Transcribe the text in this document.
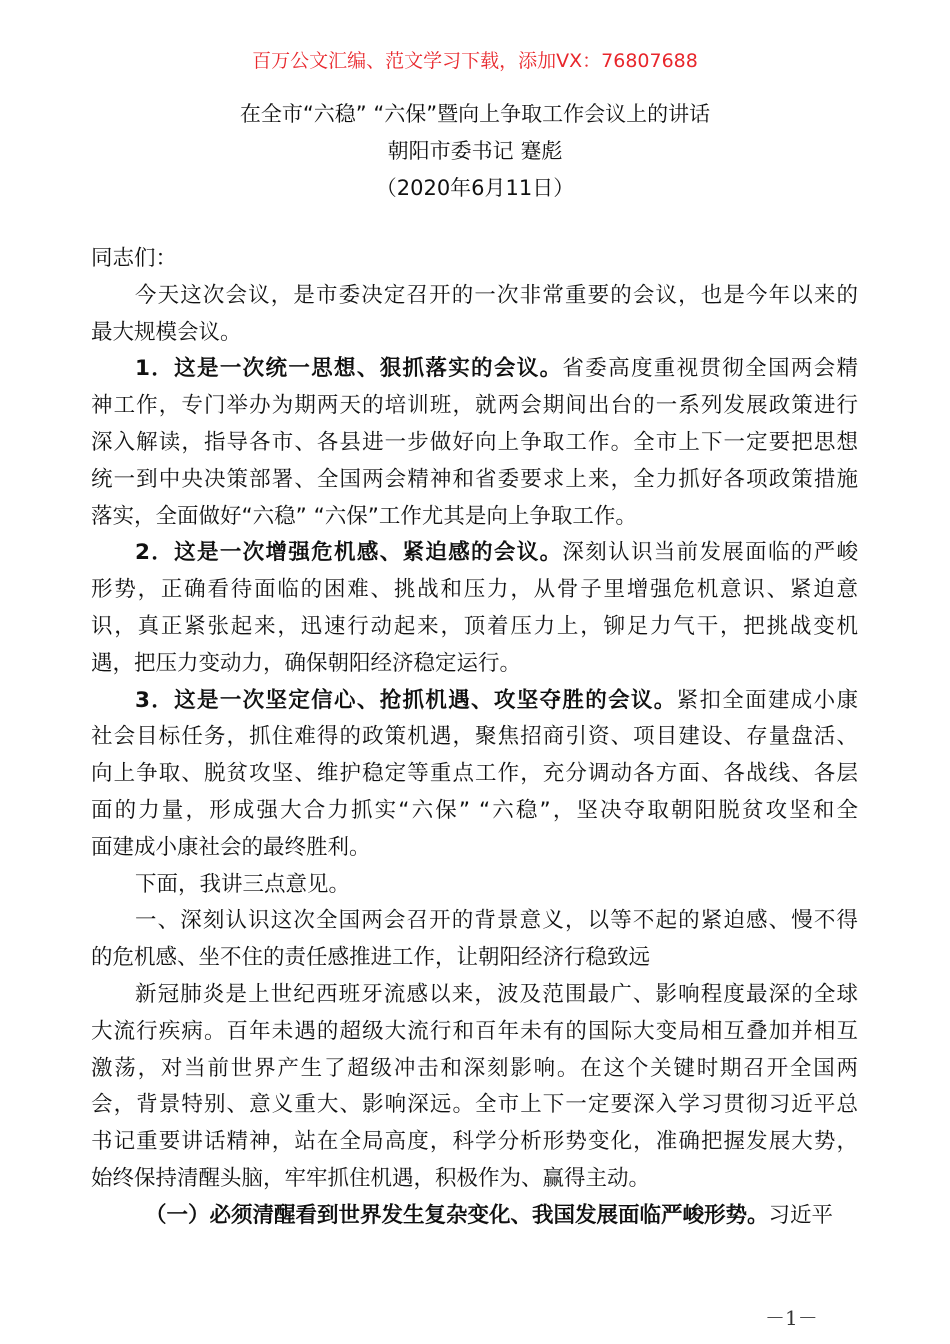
百万公文汇编、范文学习下载，添加VX：76807688
在全市“六稳” “六保”暨向上争取工作会议上的讲话
朝阳市委书记 蹇彪
（2020年6月11日）
同志们：
今天这次会议，是市委决定召开的一次非常重要的会议，也是今年以来的
最大规模会议。
1．这是一次统一思想、狠抓落实的会议。省委高度重视贯彻全国两会精
神工作，专门举办为期两天的培训班，就两会期间出台的一系列发展政策进行
深入解读，指导各市、各县进一步做好向上争取工作。全市上下一定要把思想
统一到中央决策部署、全国两会精神和省委要求上来，全力抓好各项政策措施
落实，全面做好“六稳” “六保”工作尤其是向上争取工作。
2．这是一次增强危机感、紧迫感的会议。深刻认识当前发展面临的严峻
形势，正确看待面临的困难、挑战和压力，从骨子里增强危机意识、紧迫意
识，真正紧张起来，迅速行动起来，顶着压力上，铆足力气干，把挑战变机
遇，把压力变动力，确保朝阳经济稳定运行。
3．这是一次坚定信心、抢抓机遇、攻坚夺胜的会议。紧扣全面建成小康
社会目标任务，抓住难得的政策机遇，聚焦招商引资、项目建设、存量盘活、
向上争取、脱贫攻坚、维护稳定等重点工作，充分调动各方面、各战线、各层
面的力量，形成强大合力抓实“六保” “六稳”，坚决夺取朝阳脱贫攻坚和全
面建成小康社会的最终胜利。
下面，我讲三点意见。
一、深刻认识这次全国两会召开的背景意义，以等不起的紧迫感、慢不得
的危机感、坐不住的责任感推进工作，让朝阳经济行稳致远
新冠肺炎是上世纪西班牙流感以来，波及范围最广、影响程度最深的全球
大流行疾病。百年未遇的超级大流行和百年未有的国际大变局相互叠加并相互
激荡，对当前世界产生了超级冲击和深刻影响。在这个关键时期召开全国两
会，背景特别、意义重大、影响深远。全市上下一定要深入学习贯彻习近平总
书记重要讲话精神，站在全局高度，科学分析形势变化，准确把握发展大势，
始终保持清醒头脑，牢牢抓住机遇，积极作为、赢得主动。
（一）必须清醒看到世界发生复杂变化、我国发展面临严峻形势。习近平
－1－
